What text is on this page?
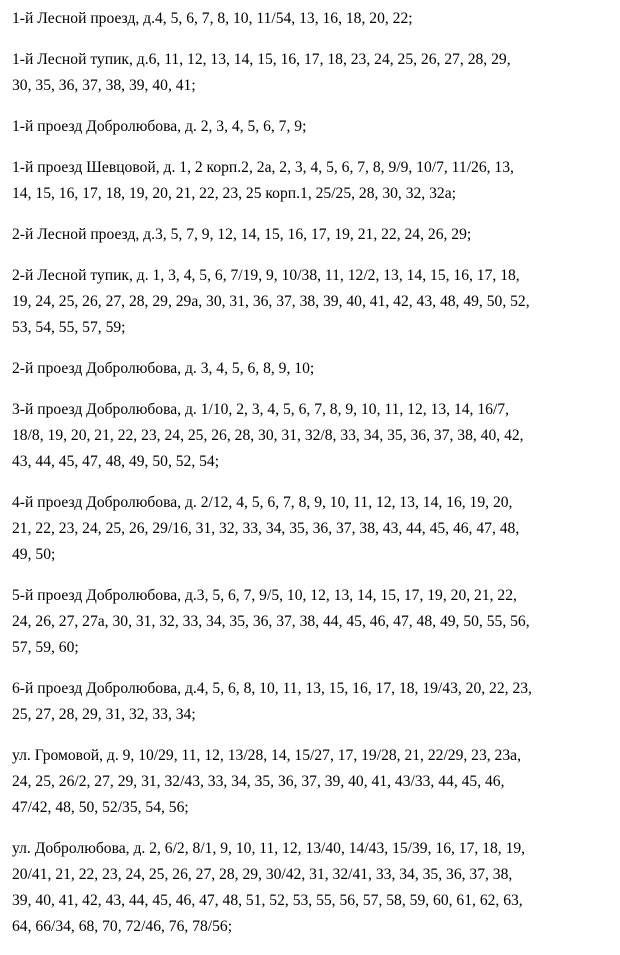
1-й Лесной проезд, д.4, 5, 6, 7, 8, 10, 11/54, 13, 16, 18, 20, 22;

1-й Лесной тупик, д.6, 11, 12, 13, 14, 15, 16, 17, 18, 23, 24, 25, 26, 27, 28, 29,
30, 35, 36, 37, 38, 39, 40, 41;

1-й проезд Добролюбова, д. 2, 3, 4, 5, 6, 7, 9;

1-й проезд Шевцовой, д. 1, 2 корп.2, 2а, 2, 3, 4, 5, 6, 7, 8, 9/9, 10/7, 11/26, 13,
14, 15, 16, 17, 18, 19, 20, 21, 22, 23, 25 корп.1, 25/25, 28, 30, 32, 32а;

2-й Лесной проезд, д.3, 5, 7, 9, 12, 14, 15, 16, 17, 19, 21, 22, 24, 26, 29;

2-й Лесной тупик, д. 1, 3, 4, 5, 6, 7/19, 9, 10/38, 11, 12/2, 13, 14, 15, 16, 17, 18,
19, 24, 25, 26, 27, 28, 29, 29а, 30, 31, 36, 37, 38, 39, 40, 41, 42, 43, 48, 49, 50, 52,
53, 54, 55, 57, 59;

2-й проезд Добролюбова, д. 3, 4, 5, 6, 8, 9, 10;

3-й проезд Добролюбова, д. 1/10, 2, 3, 4, 5, 6, 7, 8, 9, 10, 11, 12, 13, 14, 16/7,
18/8, 19, 20, 21, 22, 23, 24, 25, 26, 28, 30, 31, 32/8, 33, 34, 35, 36, 37, 38, 40, 42,
43, 44, 45, 47, 48, 49, 50, 52, 54;

4-й проезд Добролюбова, д. 2/12, 4, 5, 6, 7, 8, 9, 10, 11, 12, 13, 14, 16, 19, 20,
21, 22, 23, 24, 25, 26, 29/16, 31, 32, 33, 34, 35, 36, 37, 38, 43, 44, 45, 46, 47, 48,
49, 50;

5-й проезд Добролюбова, д.3, 5, 6, 7, 9/5, 10, 12, 13, 14, 15, 17, 19, 20, 21, 22,
24, 26, 27, 27а, 30, 31, 32, 33, 34, 35, 36, 37, 38, 44, 45, 46, 47, 48, 49, 50, 55, 56,
57, 59, 60;

6-й проезд Добролюбова, д.4, 5, 6, 8, 10, 11, 13, 15, 16, 17, 18, 19/43, 20, 22, 23,
25, 27, 28, 29, 31, 32, 33, 34;

ул. Громовой, д. 9, 10/29, 11, 12, 13/28, 14, 15/27, 17, 19/28, 21, 22/29, 23, 23а,
24, 25, 26/2, 27, 29, 31, 32/43, 33, 34, 35, 36, 37, 39, 40, 41, 43/33, 44, 45, 46,
47/42, 48, 50, 52/35, 54, 56;

ул. Добролюбова, д. 2, 6/2, 8/1, 9, 10, 11, 12, 13/40, 14/43, 15/39, 16, 17, 18, 19,
20/41, 21, 22, 23, 24, 25, 26, 27, 28, 29, 30/42, 31, 32/41, 33, 34, 35, 36, 37, 38,
39, 40, 41, 42, 43, 44, 45, 46, 47, 48, 51, 52, 53, 55, 56, 57, 58, 59, 60, 61, 62, 63,
64, 66/34, 68, 70, 72/46, 76, 78/56;
